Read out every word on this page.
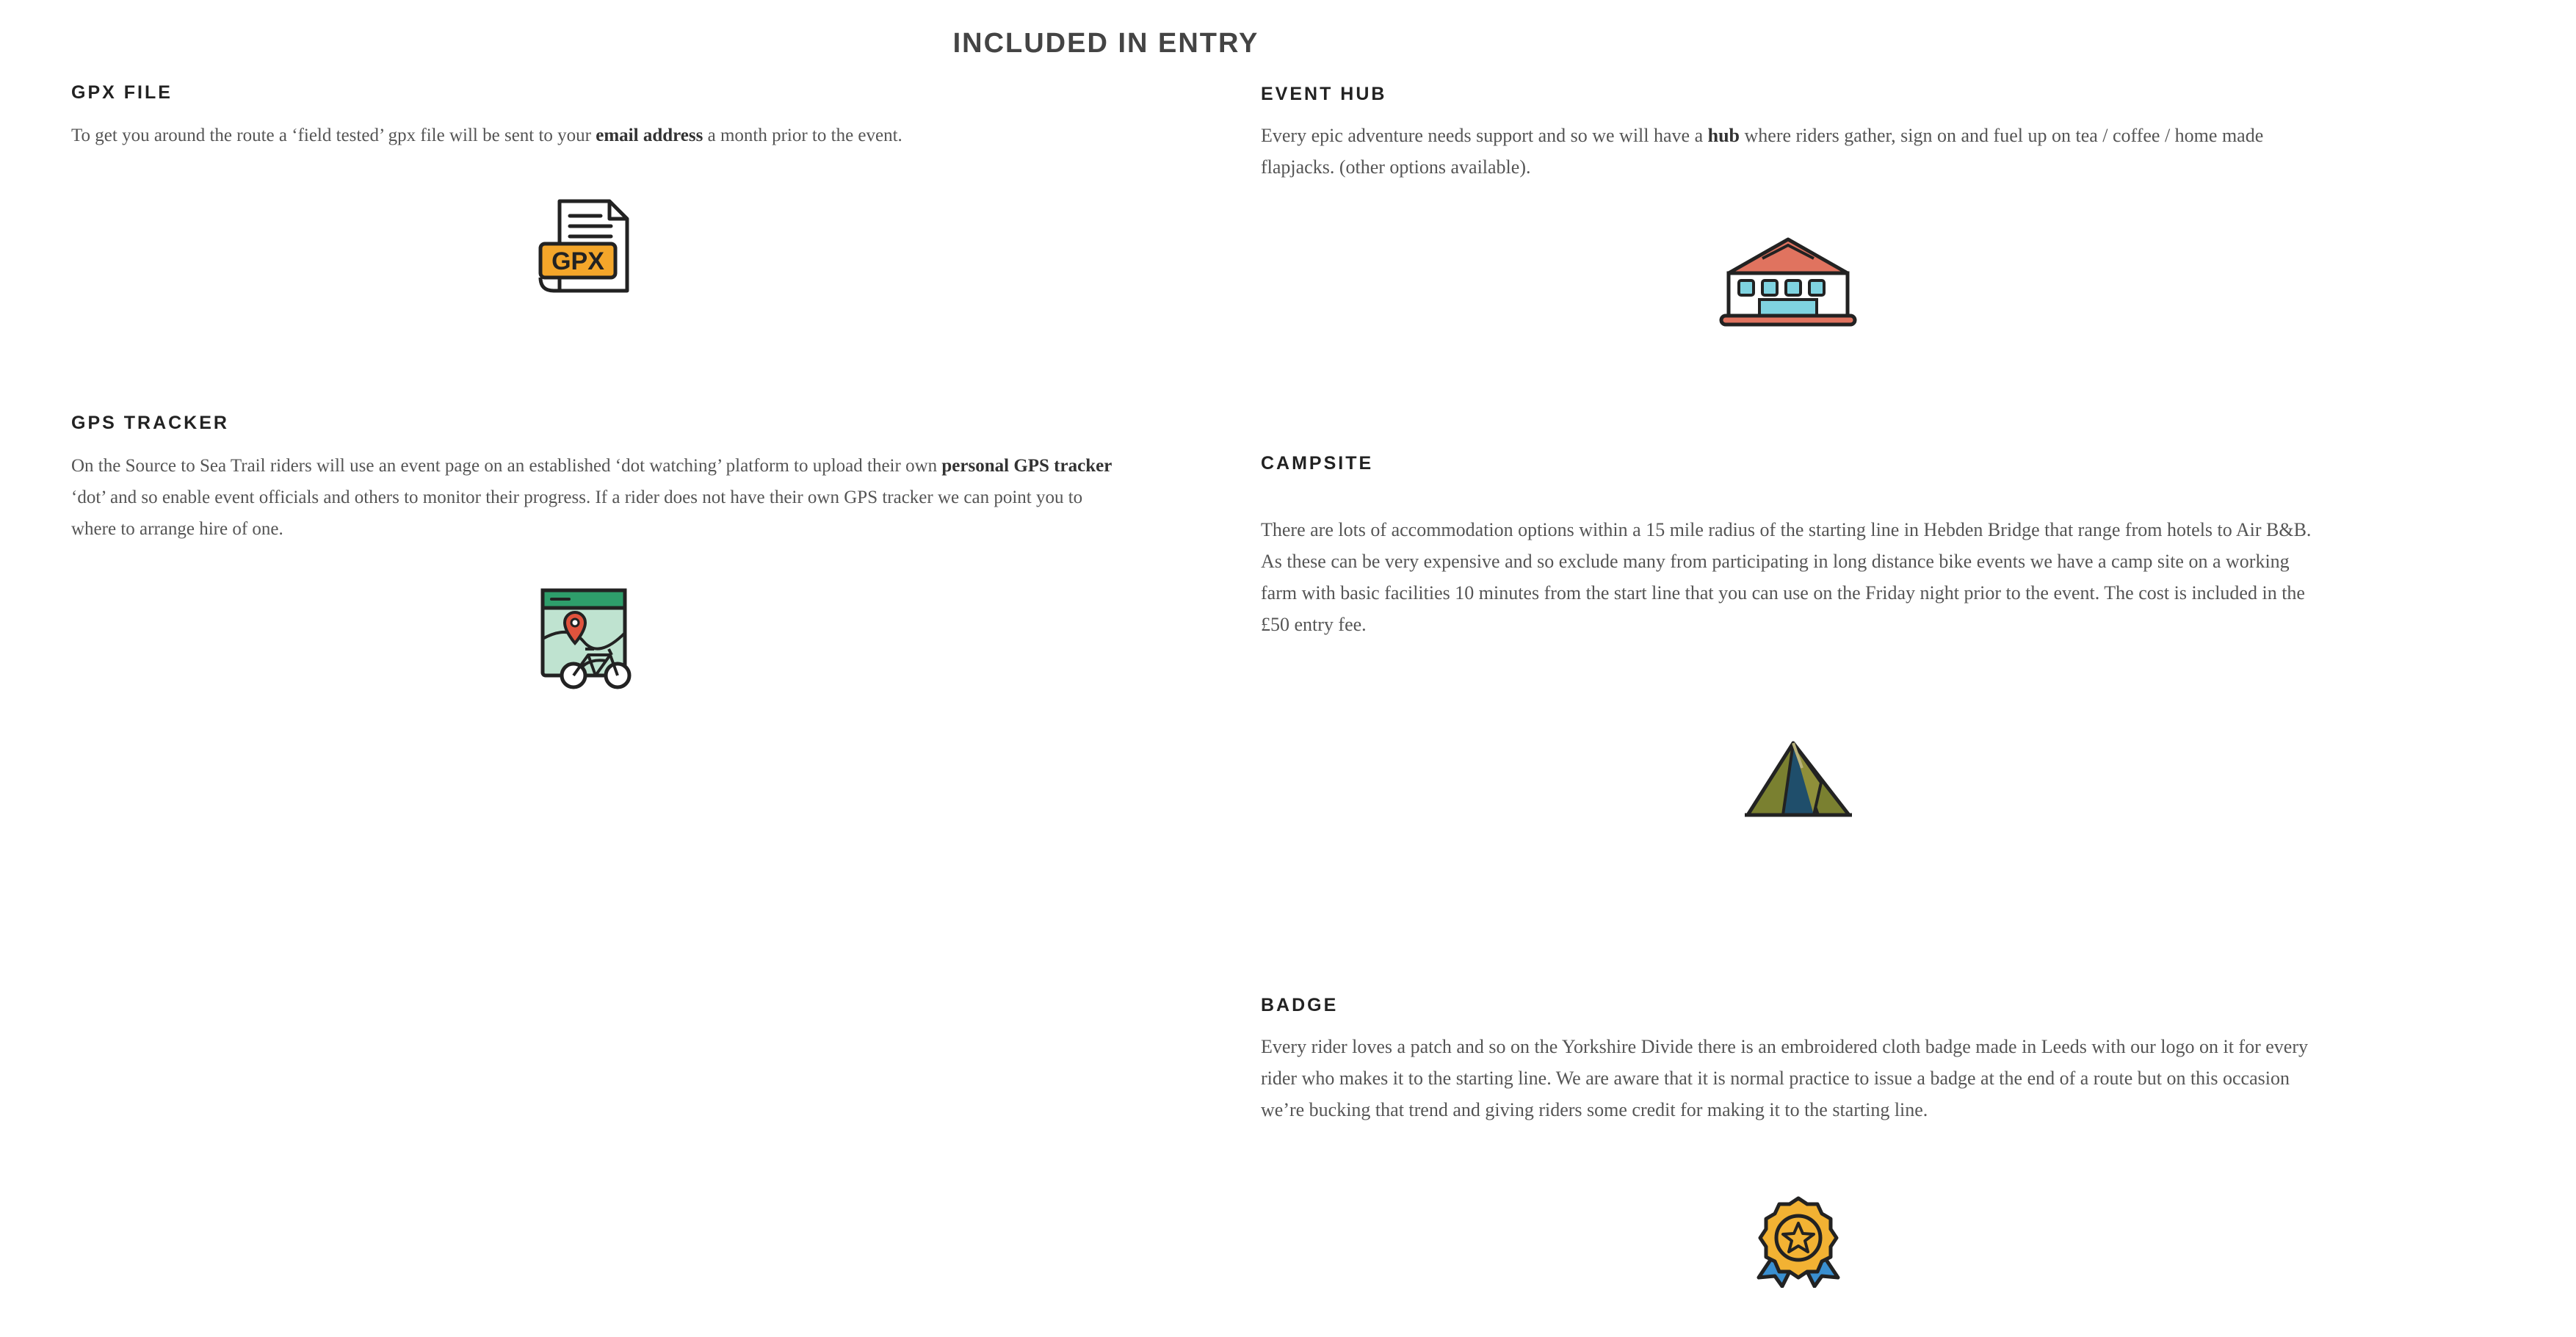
INCLUDED IN ENTRY
GPX FILE

To get you around the route a ‘field tested’ gpx file will be sent to your email address a month prior to the event.

GPX
GPS TRACKER

On the Source to Sea Trail riders will use an event page on an established ‘dot watching’ platform to upload their own personal GPS tracker ‘dot’ and so enable event officials and others to monitor their progress. If a rider does not have their own GPS tracker we can point you to where to arrange hire of one.

EVENT HUB

Every epic adventure needs support and so we will have a hub where riders gather, sign on and fuel up on tea / coffee / home made flapjacks. (other options available).

CAMPSITE

There are lots of accommodation options within a 15 mile radius of the starting line in Hebden Bridge that range from hotels to Air B&B. As these can be very expensive and so exclude many from participating in long distance bike events we have a camp site on a working farm with basic facilities 10 minutes from the start line that you can use on the Friday night prior to the event. The cost is included in the £50 entry fee.

BADGE

Every rider loves a patch and so on the Yorkshire Divide there is an embroidered cloth badge made in Leeds with our logo on it for every rider who makes it to the starting line. We are aware that it is normal practice to issue a badge at the end of a route but on this occasion we’re bucking that trend and giving riders some credit for making it to the starting line.
